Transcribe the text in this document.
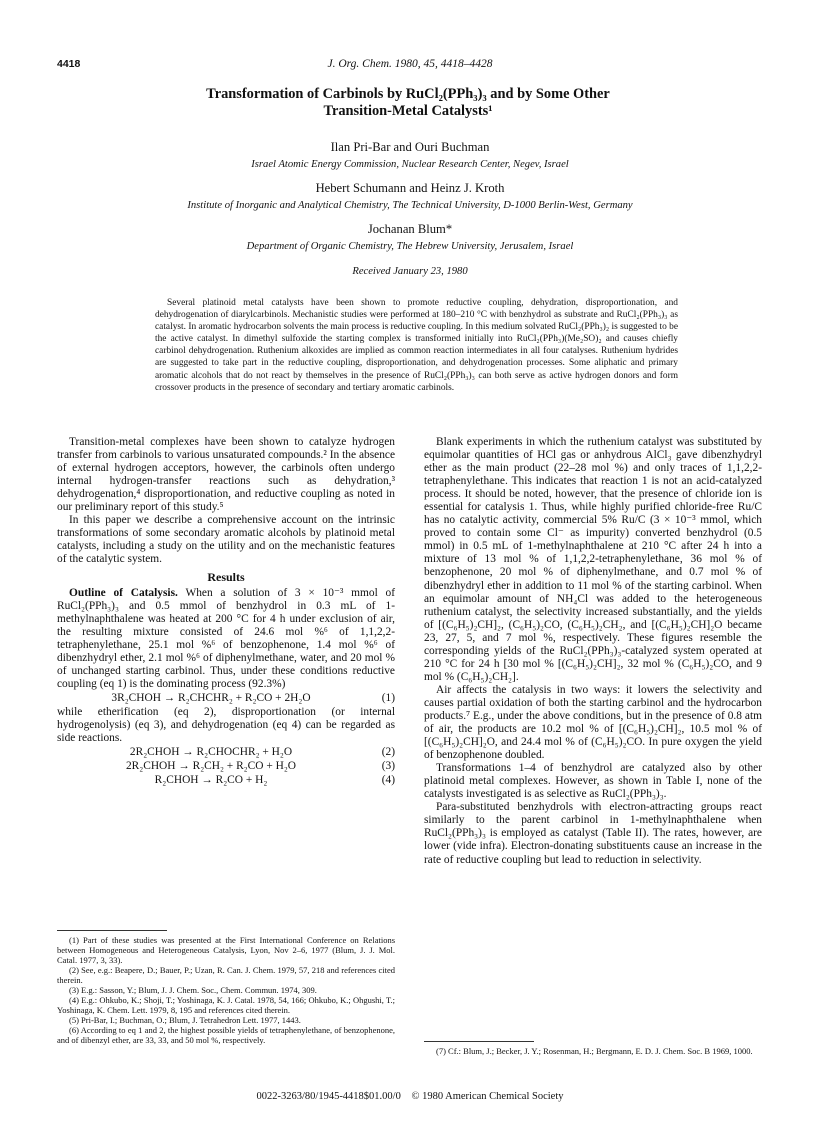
4418	J. Org. Chem. 1980, 45, 4418–4428
Transformation of Carbinols by RuCl₂(PPh₃)₃ and by Some Other
Transition-Metal Catalysts¹
Ilan Pri-Bar and Ouri Buchman
Israel Atomic Energy Commission, Nuclear Research Center, Negev, Israel
Hebert Schumann and Heinz J. Kroth
Institute of Inorganic and Analytical Chemistry, The Technical University, D-1000 Berlin-West, Germany
Jochanan Blum*
Department of Organic Chemistry, The Hebrew University, Jerusalem, Israel
Received January 23, 1980
Several platinoid metal catalysts have been shown to promote reductive coupling, dehydration, disproportionation, and dehydrogenation of diarylcarbinols. Mechanistic studies were performed at 180–210 °C with benzhydrol as substrate and RuCl₂(PPh₃)₃ as catalyst. In aromatic hydrocarbon solvents the main process is reductive coupling. In this medium solvated RuCl₂(PPh₃)₂ is suggested to be the active catalyst. In dimethyl sulfoxide the starting complex is transformed initially into RuCl₂(PPh₃)(Me₂SO)₂ and causes chiefly carbinol dehydrogenation. Ruthenium alkoxides are implied as common reaction intermediates in all four catalyses. Ruthenium hydrides are suggested to take part in the reductive coupling, disproportionation, and dehydrogenation processes. Some aliphatic and primary aromatic alcohols that do not react by themselves in the presence of RuCl₂(PPh₃)₃ can both serve as active hydrogen donors and form crossover products in the presence of secondary and tertiary aromatic carbinols.

Transition-metal complexes have been shown to catalyze hydrogen transfer from carbinols to various unsaturated compounds.² In the absence of external hydrogen acceptors, however, the carbinols often undergo internal hydrogen-transfer reactions such as dehydration,³ dehydrogenation,⁴ disproportionation, and reductive coupling as noted in our preliminary report of this study.⁵

In this paper we describe a comprehensive account on the intrinsic transformations of some secondary aromatic alcohols by platinoid metal catalysts, including a study on the utility and on the mechanistic features of the catalytic system.

Results

Outline of Catalysis. When a solution of 3 × 10⁻³ mmol of RuCl₂(PPh₃)₃ and 0.5 mmol of benzhydrol in 0.3 mL of 1-methylnaphthalene was heated at 200 °C for 4 h under exclusion of air, the resulting mixture consisted of 24.6 mol %⁶ of 1,1,2,2-tetraphenylethane, 25.1 mol %⁶ of benzophenone, 1.4 mol %⁶ of dibenzhydryl ether, 2.1 mol %⁶ of diphenylmethane, water, and 20 mol % of unchanged starting carbinol. Thus, under these conditions reductive coupling (eq 1) is the dominating process (92.3%)

3R₂CHOH → R₂CHCHR₂ + R₂CO + 2H₂O	(1)

while etherification (eq 2), disproportionation (or internal hydrogenolysis) (eq 3), and dehydrogenation (eq 4) can be regarded as side reactions.

2R₂CHOH → R₂CHOCHR₂ + H₂O	(2)
2R₂CHOH → R₂CH₂ + R₂CO + H₂O	(3)
R₂CHOH → R₂CO + H₂	(4)
(1) Part of these studies was presented at the First International Conference on Relations between Homogeneous and Heterogeneous Catalysis, Lyon, Nov 2–6, 1977 (Blum, J. J. Mol. Catal. 1977, 3, 33).
(2) See, e.g.: Beapere, D.; Bauer, P.; Uzan, R. Can. J. Chem. 1979, 57, 218 and references cited therein.
(3) E.g.: Sasson, Y.; Blum, J. J. Chem. Soc., Chem. Commun. 1974, 309.
(4) E.g.: Ohkubo, K.; Shoji, T.; Yoshinaga, K. J. Catal. 1978, 54, 166; Ohkubo, K.; Ohgushi, T.; Yoshinaga, K. Chem. Lett. 1979, 8, 195 and references cited therein.
(5) Pri-Bar, I.; Buchman, O.; Blum, J. Tetrahedron Lett. 1977, 1443.
(6) According to eq 1 and 2, the highest possible yields of tetraphenylethane, of benzophenone, and of dibenzyl ether, are 33, 33, and 50 mol %, respectively.

Blank experiments in which the ruthenium catalyst was substituted by equimolar quantities of HCl gas or anhydrous AlCl₃ gave dibenzhydryl ether as the main product (22–28 mol %) and only traces of 1,1,2,2-tetraphenylethane. This indicates that reaction 1 is not an acid-catalyzed process. It should be noted, however, that the presence of chloride ion is essential for catalysis 1. Thus, while highly purified chloride-free Ru/C has no catalytic activity, commercial 5% Ru/C (3 × 10⁻³ mmol, which proved to contain some Cl⁻ as impurity) converted benzhydrol (0.5 mmol) in 0.5 mL of 1-methylnaphthalene at 210 °C after 24 h into a mixture of 13 mol % of 1,1,2,2-tetraphenylethane, 36 mol % of benzophenone, 20 mol % of diphenylmethane, and 0.7 mol % of dibenzhydryl ether in addition to 11 mol % of the starting carbinol. When an equimolar amount of NH₄Cl was added to the heterogeneous ruthenium catalyst, the selectivity increased substantially, and the yields of [(C₆H₅)₂CH]₂, (C₆H₅)₂CO, (C₆H₅)₂CH₂, and [(C₆H₅)₂CH]₂O became 23, 27, 5, and 7 mol %, respectively. These figures resemble the corresponding yields of the RuCl₂(PPh₃)₃-catalyzed system operated at 210 °C for 24 h [30 mol % [(C₆H₅)₂CH]₂, 32 mol % (C₆H₅)₂CO, and 9 mol % (C₆H₅)₂CH₂].

Air affects the catalysis in two ways: it lowers the selectivity and causes partial oxidation of both the starting carbinol and the hydrocarbon products.⁷ E.g., under the above conditions, but in the presence of 0.8 atm of air, the products are 10.2 mol % of [(C₆H₅)₂CH]₂, 10.5 mol % of [(C₆H₅)₂CH]₂O, and 24.4 mol % of (C₆H₅)₂CO. In pure oxygen the yield of benzophenone doubled.

Transformations 1–4 of benzhydrol are catalyzed also by other platinoid metal complexes. However, as shown in Table I, none of the catalysts investigated is as selective as RuCl₂(PPh₃)₃.

Para-substituted benzhydrols with electron-attracting groups react similarly to the parent carbinol in 1-methylnaphthalene when RuCl₂(PPh₃)₃ is employed as catalyst (Table II). The rates, however, are lower (vide infra). Electron-donating substituents cause an increase in the rate of reductive coupling but lead to reduction in selectivity.

(7) Cf.: Blum, J.; Becker, J. Y.; Rosenman, H.; Bergmann, E. D. J. Chem. Soc. B 1969, 1000.
0022-3263/80/1945-4418$01.00/0 © 1980 American Chemical Society
